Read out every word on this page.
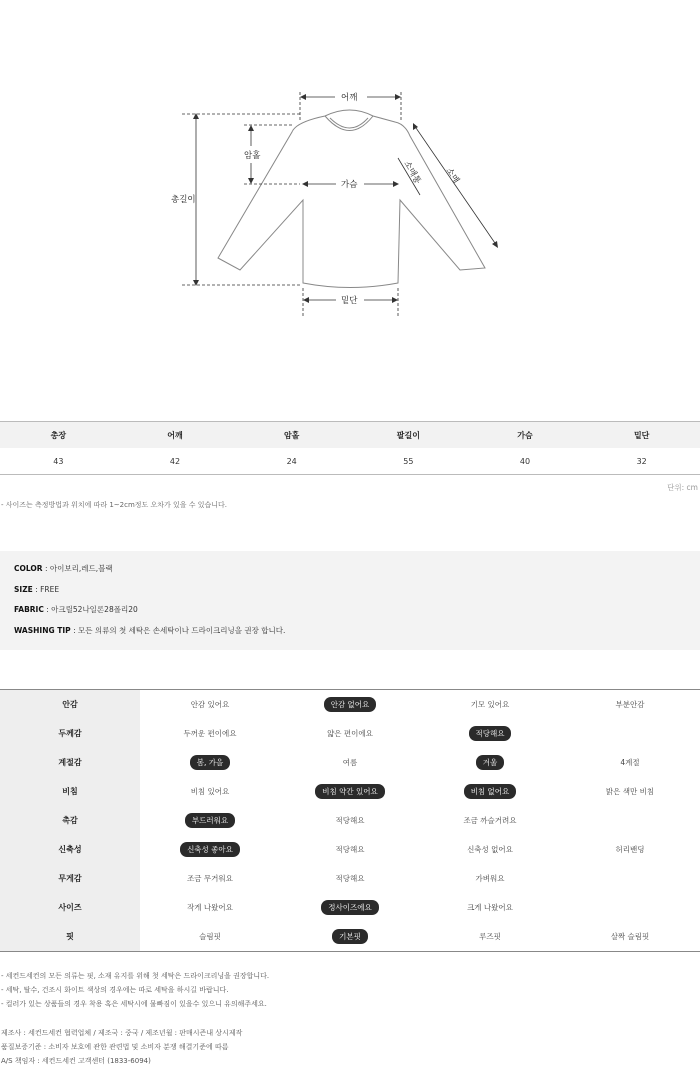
어깨
암홀
총길이
가슴	소매통 소매
밑단
총장	어깨	암홀	팔길이	가슴	밑단
43	42	24	55	40	32
단위: cm
- 사이즈는 측정방법과 위치에 따라 1~2cm정도 오차가 있을 수 있습니다.
COLOR : 아이보리,레드,블랙
SIZE : FREE
FABRIC : 아크릴52나일론28폴리20
WASHING TIP : 모든 의류의 첫 세탁은 손세탁이나 드라이크리닝을 권장 합니다.
안감	안감 있어요	안감 없어요	기모 있어요	부분안감
두께감	두꺼운 편이에요	얇은 편이에요	적당해요
계절감	봄, 가을	여름	겨울	4계절
비침	비침 있어요	비침 약간 있어요	비침 없어요	밝은 색만 비침
촉감	부드러워요	적당해요	조금 까슬거려요
신축성	신축성 좋아요	적당해요	신축성 없어요	허리밴딩
무게감	조금 무거워요	적당해요	가벼워요
사이즈	작게 나왔어요	정사이즈에요	크게 나왔어요
핏	슬림핏	기본핏	루즈핏	살짝 슬림핏
- 세컨드세컨의 모든 의류는 핏, 소재 유지를 위해 첫 세탁은 드라이크리닝을 권장합니다.
- 세탁, 탈수, 건조시 화이트 색상의 경우에는 따로 세탁을 하시길 바랍니다.
- 컬러가 있는 상품들의 경우 착용 혹은 세탁시에 물빠짐이 있을수 있으니 유의해주세요.
제조사 : 세컨드세컨 협력업체 / 제조국 : 중국 / 제조년월 : 판매시즌내 상시제작
품질보증기준 : 소비자 보호에 관한 관련법 및 소비자 분쟁 해결기준에 따름
A/S 책임자 : 세컨드세컨 고객센터 (1833-6094)
